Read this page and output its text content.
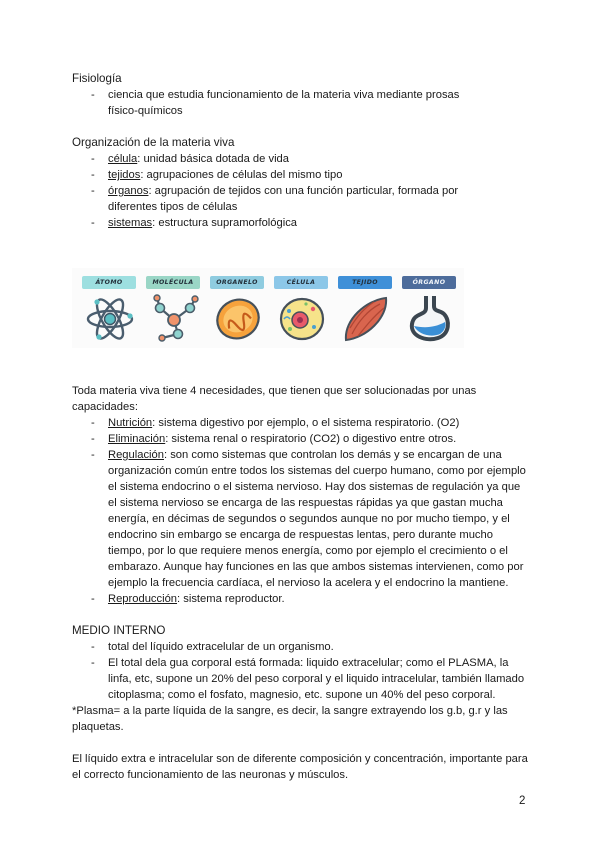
Fisiología
- ciencia que estudia funcionamiento de la materia viva mediante prosas
físico-químicos
Organización de la materia viva
- célula: unidad básica dotada de vida
- tejidos: agrupaciones de células del mismo tipo
- órganos: agrupación de tejidos con una función particular, formada por
diferentes tipos de células
- sistemas: estructura supramorfológica
ÁTOMO	MOLÉCULA	ORGANELO	CÉLULA	TEJIDO	ÓRGANO
Toda materia viva tiene 4 necesidades, que tienen que ser solucionadas por unas
capacidades:
- Nutrición: sistema digestivo por ejemplo, o el sistema respiratorio. (O2)
- Eliminación: sistema renal o respiratorio (CO2) o digestivo entre otros.
- Regulación: son como sistemas que controlan los demás y se encargan de una
organización común entre todos los sistemas del cuerpo humano, como por ejemplo
el sistema endocrino o el sistema nervioso. Hay dos sistemas de regulación ya que
el sistema nervioso se encarga de las respuestas rápidas ya que gastan mucha
energía, en décimas de segundos o segundos aunque no por mucho tiempo, y el
endocrino sin embargo se encarga de respuestas lentas, pero durante mucho
tiempo, por lo que requiere menos energía, como por ejemplo el crecimiento o el
embarazo. Aunque hay funciones en las que ambos sistemas intervienen, como por
ejemplo la frecuencia cardíaca, el nervioso la acelera y el endocrino la mantiene.
- Reproducción: sistema reproductor.
MEDIO INTERNO
- total del líquido extracelular de un organismo.
- El total dela gua corporal está formada: liquido extracelular; como el PLASMA, la
linfa, etc, supone un 20% del peso corporal y el liquido intracelular, también llamado
citoplasma; como el fosfato, magnesio, etc. supone un 40% del peso corporal.
*Plasma= a la parte líquida de la sangre, es decir, la sangre extrayendo los g.b, g.r y las
plaquetas.
El líquido extra e intracelular son de diferente composición y concentración, importante para
el correcto funcionamiento de las neuronas y músculos.
2
